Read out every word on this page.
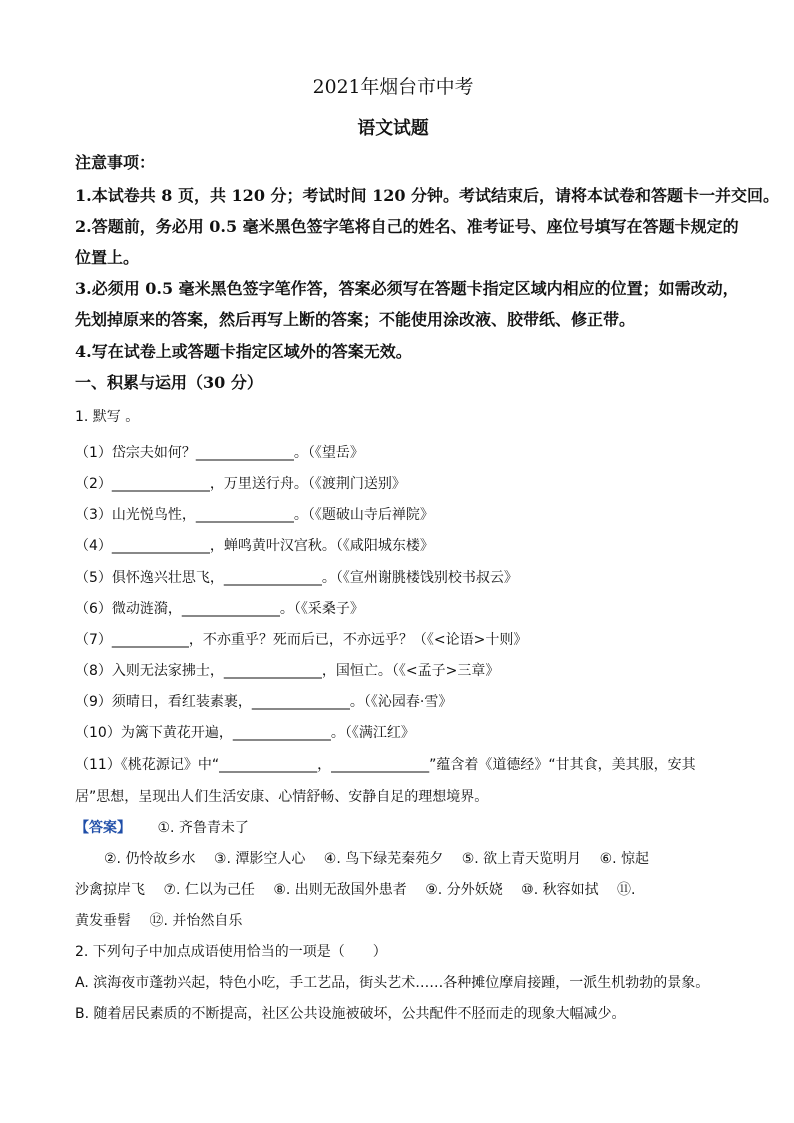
2021年烟台市中考
语文试题
注意事项：
1.本试卷共 8 页，共 120 分；考试时间 120 分钟。考试结束后，请将本试卷和答题卡一并交回。
2.答题前，务必用 0.5 毫米黑色签字笔将自己的姓名、准考证号、座位号填写在答题卡规定的
位置上。
3.必须用 0.5 毫米黑色签字笔作答，答案必须写在答题卡指定区域内相应的位置；如需改动，
先划掉原来的答案，然后再写上断的答案；不能使用涂改液、胶带纸、修正带。
4.写在试卷上或答题卡指定区域外的答案无效。
一、积累与运用（30 分）
1. 默写 。
（1）岱宗夫如何？______________。（《望岳》
（2）______________，万里送行舟。（《渡荆门送别》
（3）山光悦鸟性，______________。（《题破山寺后禅院》
（4）______________，蝉鸣黄叶汉宫秋。（《咸阳城东楼》
（5）俱怀逸兴壮思飞，______________。（《宣州谢朓楼饯别校书叔云》
（6）微动涟漪，______________。（《采桑子》
（7）___________，不亦重乎？死而后已，不亦远乎？（《<论语>十则》
（8）入则无法家拂士，______________，国恒亡。（《<孟子>三章》
（9）须晴日，看红装素裹，______________。（《沁园春·雪》
（10）为篱下黄花开遍，______________。（《满江红》
（11）《桃花源记》中“______________，______________”蕴含着《道德经》“甘其食，美其服，安其
居”思想，呈现出人们生活安康、心情舒畅、安静自足的理想境界。
【答案】 ①. 齐鲁青未了
②. 仍怜故乡水　 ③. 潭影空人心　 ④. 鸟下绿芜秦苑夕　 ⑤. 欲上青天览明月　 ⑥. 惊起
沙禽掠岸飞　 ⑦. 仁以为己任　 ⑧. 出则无敌国外患者　 ⑨. 分外妖娆　 ⑩. 秋容如拭　 ⑪.
黄发垂髫　 ⑫. 并怡然自乐
2. 下列句子中加点成语使用恰当的一项是（　　）
A. 滨海夜市蓬勃兴起，特色小吃，手工艺品，街头艺术……各种摊位摩肩接踵，一派生机勃勃的景象。
B. 随着居民素质的不断提高，社区公共设施被破坏，公共配件不胫而走的现象大幅减少。
